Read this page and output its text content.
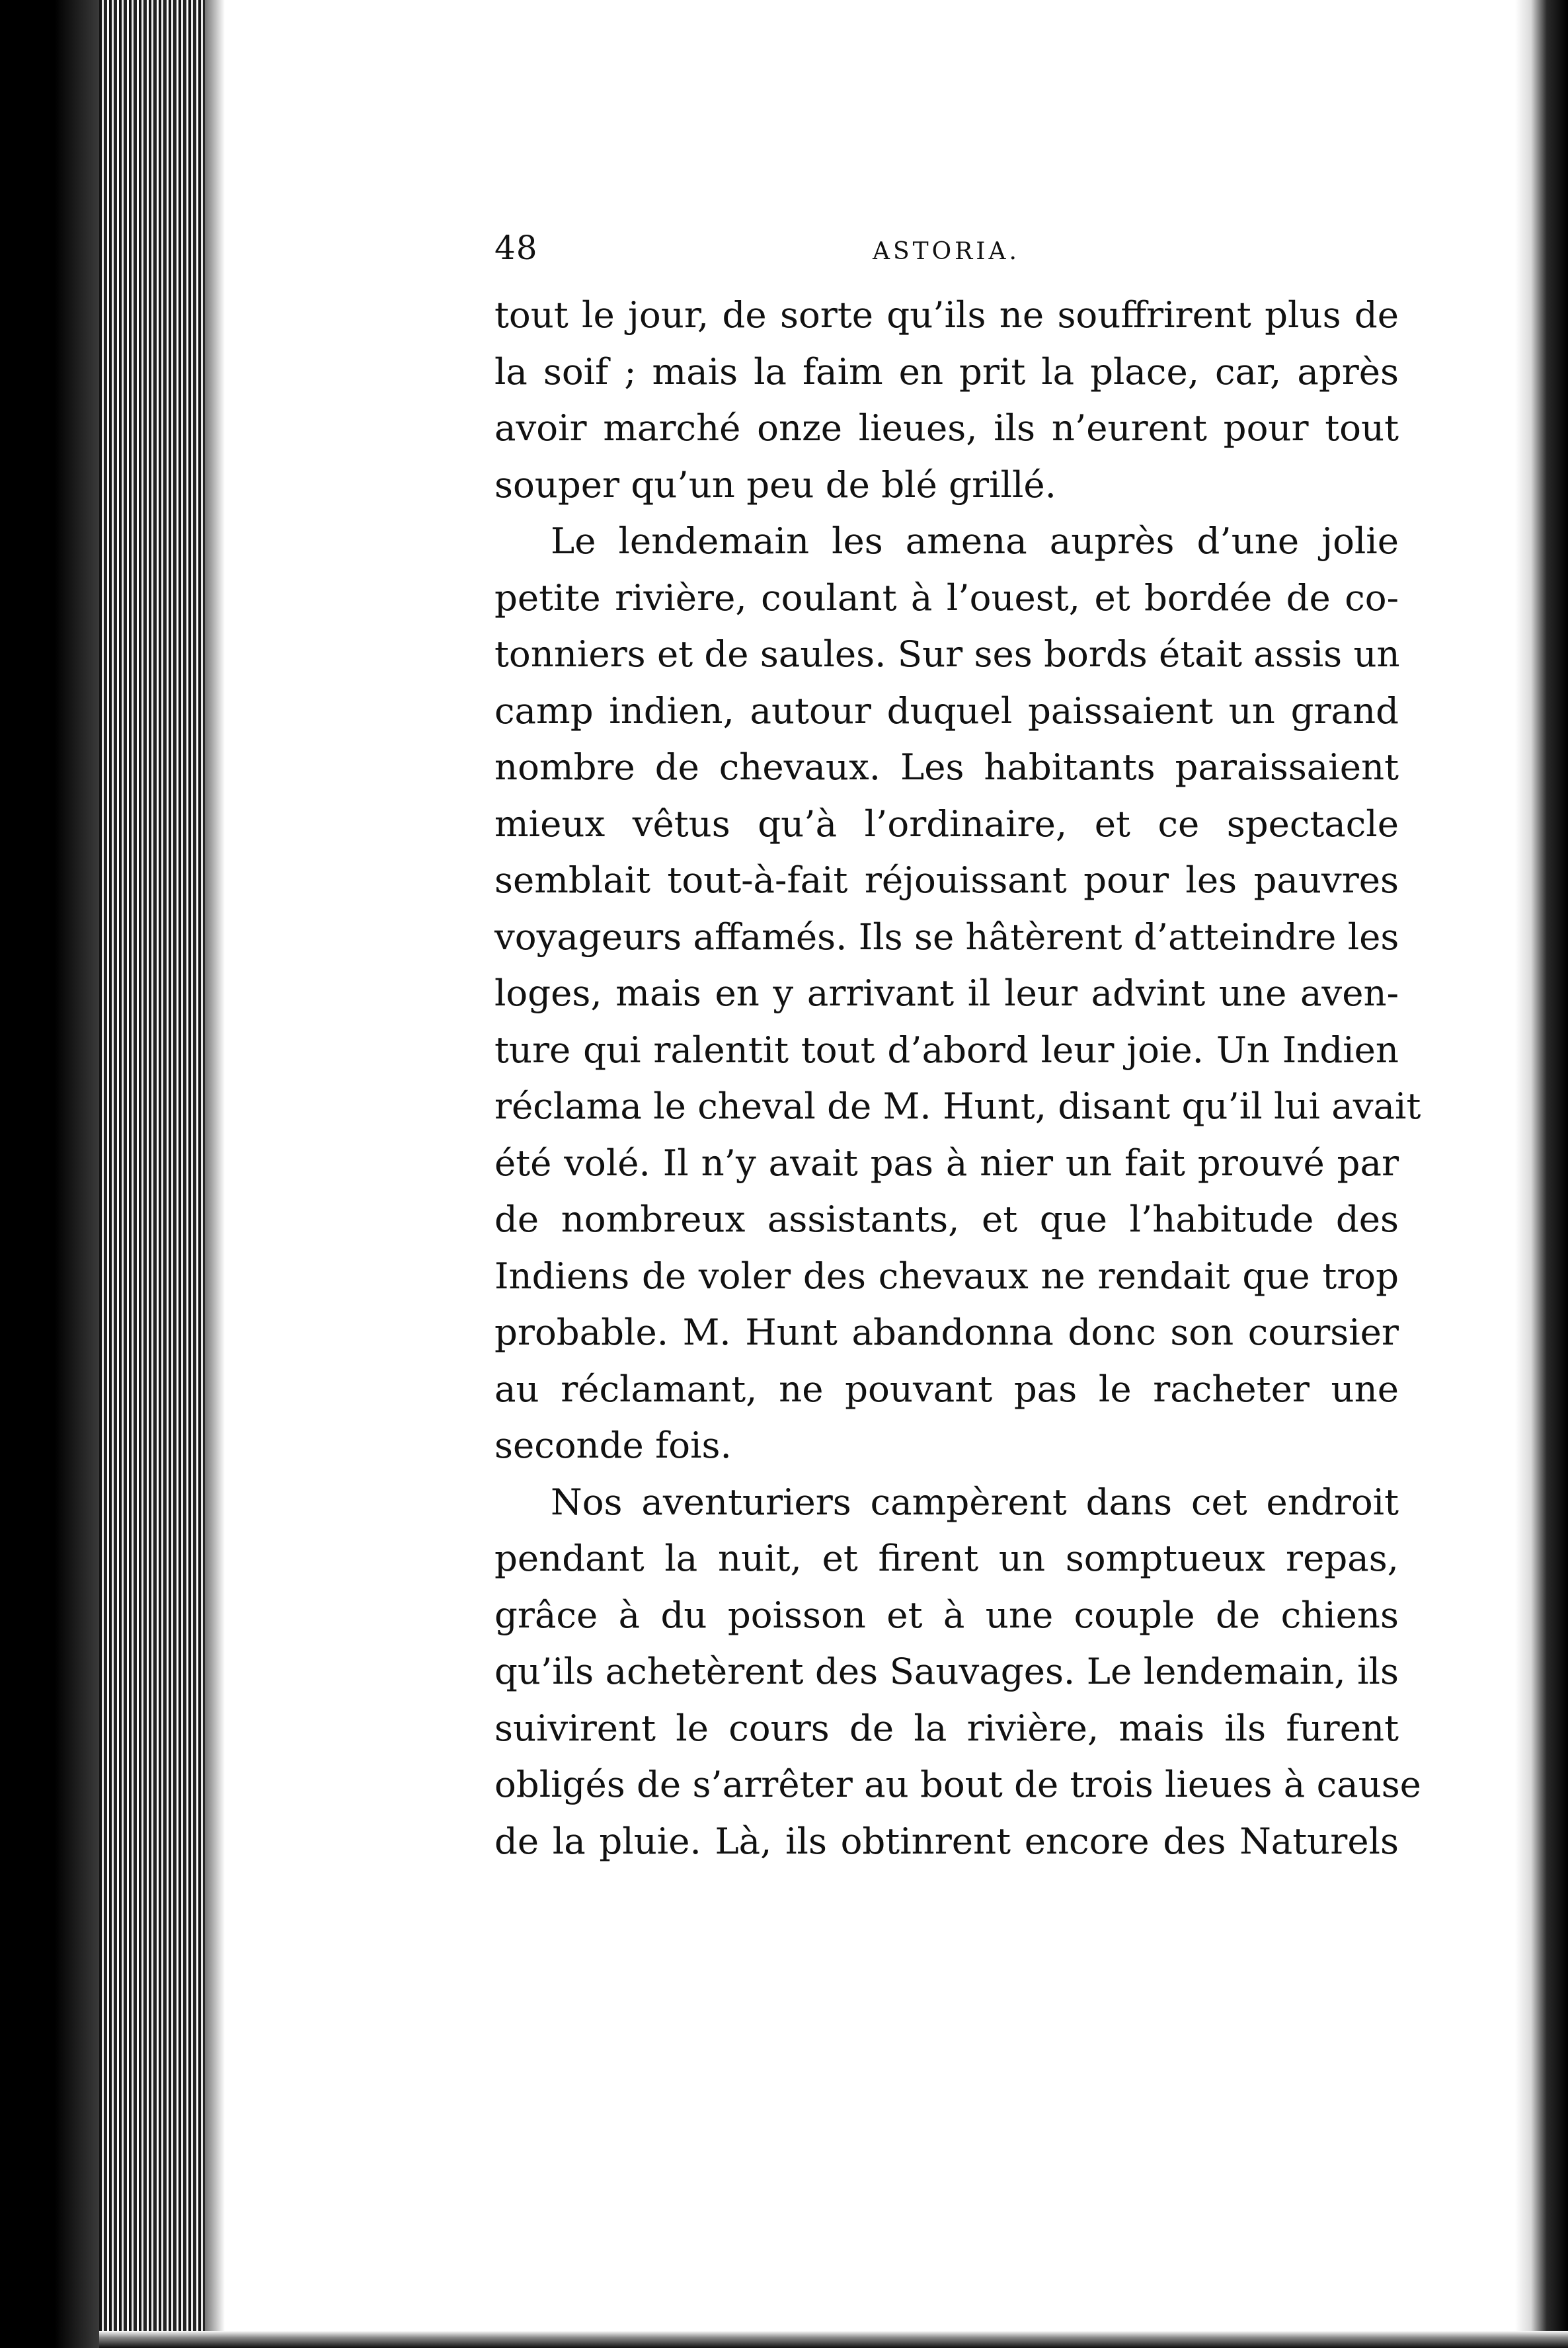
48	ASTORIA.
tout le jour, de sorte qu’ils ne souffrirent plus de
la soif ; mais la faim en prit la place, car, après
avoir marché onze lieues, ils n’eurent pour tout
souper qu’un peu de blé grillé.
Le lendemain les amena auprès d’une jolie
petite rivière, coulant à l’ouest, et bordée de co-
tonniers et de saules. Sur ses bords était assis un
camp indien, autour duquel paissaient un grand
nombre de chevaux. Les habitants paraissaient
mieux vêtus qu’à l’ordinaire, et ce spectacle
semblait tout-à-fait réjouissant pour les pauvres
voyageurs affamés. Ils se hâtèrent d’atteindre les
loges, mais en y arrivant il leur advint une aven-
ture qui ralentit tout d’abord leur joie. Un Indien
réclama le cheval de M. Hunt, disant qu’il lui avait
été volé. Il n’y avait pas à nier un fait prouvé par
de nombreux assistants, et que l’habitude des
Indiens de voler des chevaux ne rendait que trop
probable. M. Hunt abandonna donc son coursier
au réclamant, ne pouvant pas le racheter une
seconde fois.
Nos aventuriers campèrent dans cet endroit
pendant la nuit, et firent un somptueux repas,
grâce à du poisson et à une couple de chiens
qu’ils achetèrent des Sauvages. Le lendemain, ils
suivirent le cours de la rivière, mais ils furent
obligés de s’arrêter au bout de trois lieues à cause
de la pluie. Là, ils obtinrent encore des Naturels
